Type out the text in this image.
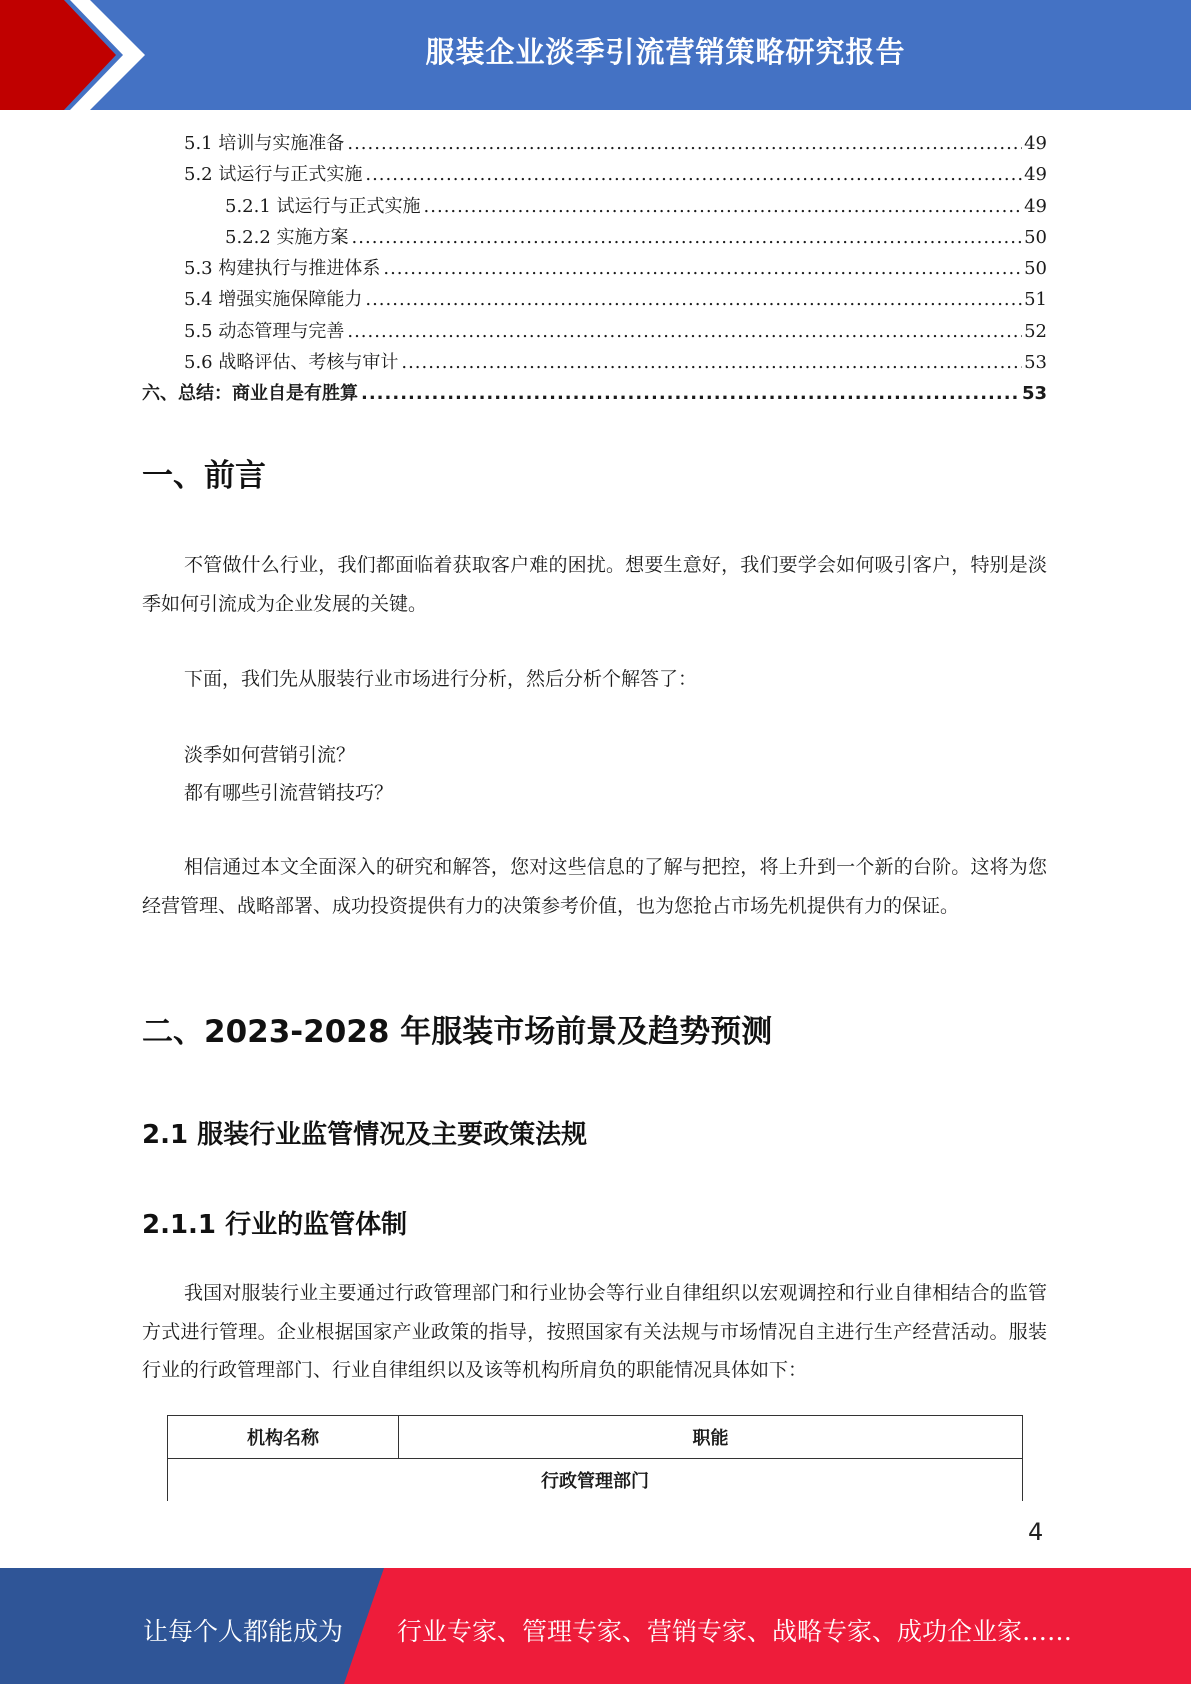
服装企业淡季引流营销策略研究报告
5.1 培训与实施准备 .....	49
5.2 试运行与正式实施 .....	49
5.2.1 试运行与正式实施 .....	49
5.2.2 实施方案 .....	50
5.3 构建执行与推进体系 .....	50
5.4 增强实施保障能力 .....	51
5.5 动态管理与完善 .....	52
5.6 战略评估、考核与审计 .....	53
六、总结：商业自是有胜算 .....	53
一、前言
不管做什么行业，我们都面临着获取客户难的困扰。想要生意好，我们要学会如何吸引客户，特别是淡季如何引流成为企业发展的关键。
下面，我们先从服装行业市场进行分析，然后分析个解答了：
淡季如何营销引流？
都有哪些引流营销技巧？
相信通过本文全面深入的研究和解答，您对这些信息的了解与把控，将上升到一个新的台阶。这将为您经营管理、战略部署、成功投资提供有力的决策参考价值，也为您抢占市场先机提供有力的保证。
二、2023-2028 年服装市场前景及趋势预测
2.1 服装行业监管情况及主要政策法规
2.1.1 行业的监管体制
我国对服装行业主要通过行政管理部门和行业协会等行业自律组织以宏观调控和行业自律相结合的监管方式进行管理。企业根据国家产业政策的指导，按照国家有关法规与市场情况自主进行生产经营活动。服装行业的行政管理部门、行业自律组织以及该等机构所肩负的职能情况具体如下：
机构名称	职能
行政管理部门
4
让每个人都能成为 行业专家、管理专家、营销专家、战略专家、成功企业家……
